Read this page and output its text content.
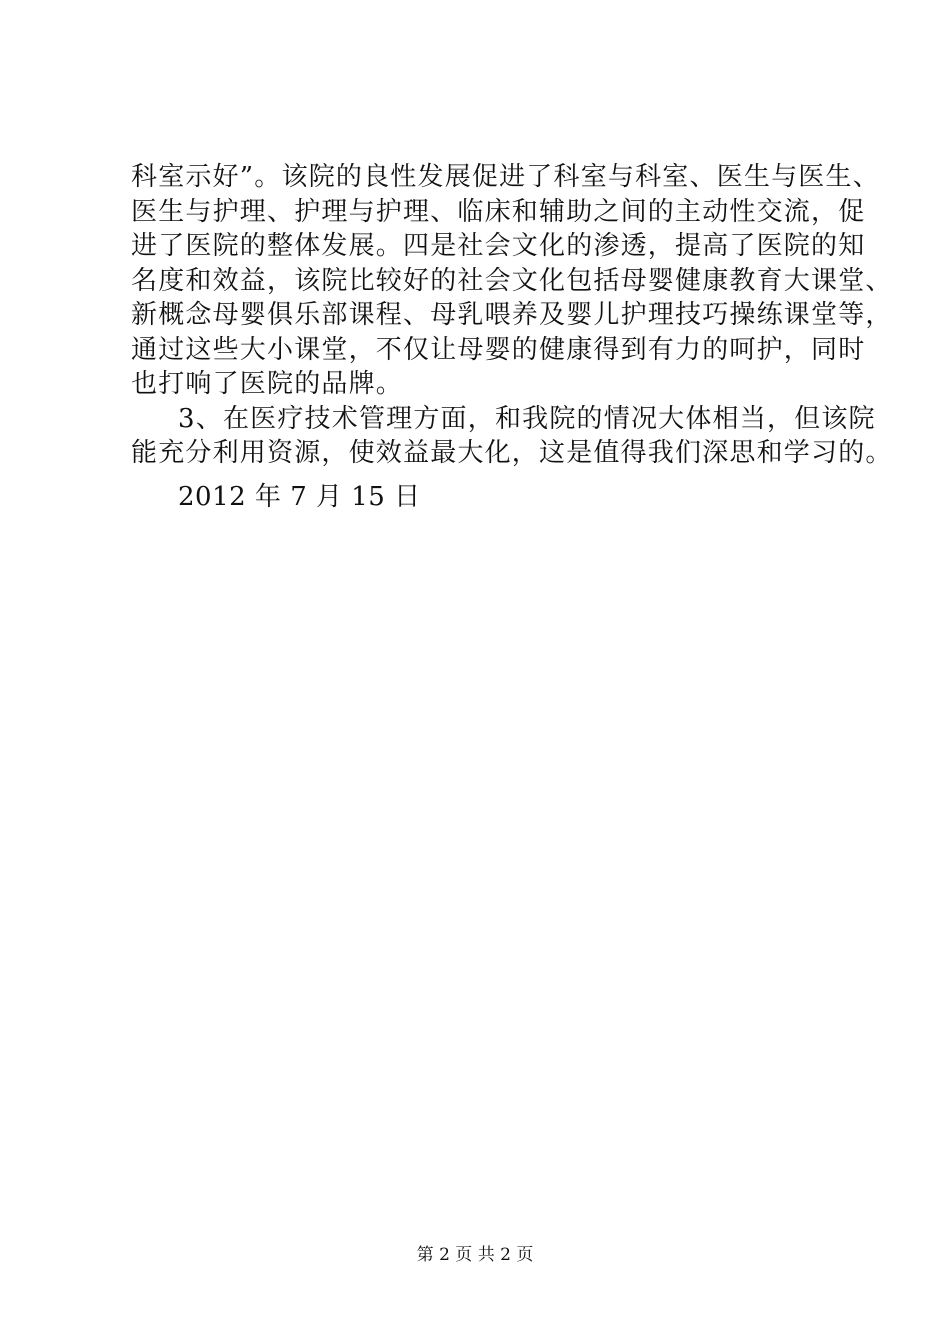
科室示好”。该院的良性发展促进了科室与科室、医生与医生、
医生与护理、护理与护理、临床和辅助之间的主动性交流，促
进了医院的整体发展。四是社会文化的渗透，提高了医院的知
名度和效益，该院比较好的社会文化包括母婴健康教育大课堂、
新概念母婴俱乐部课程、母乳喂养及婴儿护理技巧操练课堂等，
通过这些大小课堂，不仅让母婴的健康得到有力的呵护，同时
也打响了医院的品牌。
3、在医疗技术管理方面，和我院的情况大体相当，但该院
能充分利用资源，使效益最大化，这是值得我们深思和学习的。
2012 年 7 月 15 日
第 2 页 共 2 页
